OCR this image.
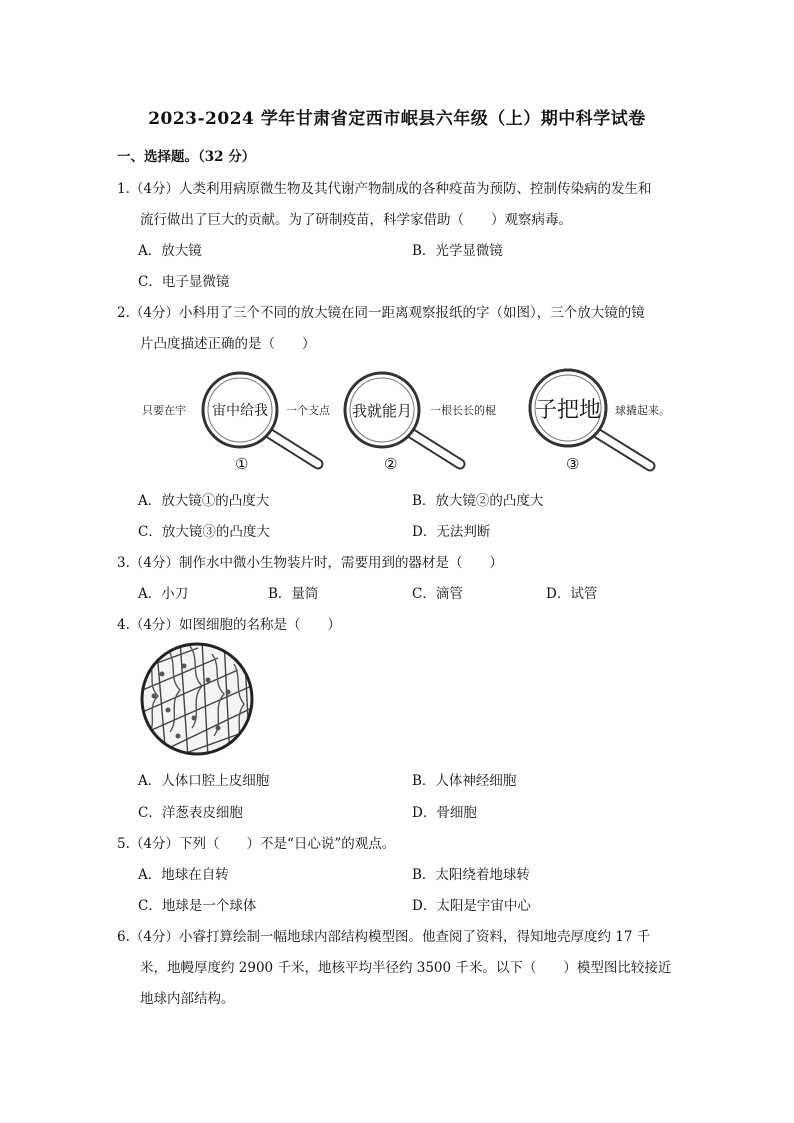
2023-2024 学年甘肃省定西市岷县六年级（上）期中科学试卷
一、选择题。（32 分）
1.（4分）人类利用病原微生物及其代谢产物制成的各种疫苗为预防、控制传染病的发生和
流行做出了巨大的贡献。为了研制疫苗，科学家借助（　　）观察病毒。
A．放大镜	B．光学显微镜
C．电子显微镜
2.（4分）小科用了三个不同的放大镜在同一距离观察报纸的字（如图），三个放大镜的镜
片凸度描述正确的是（　　）
只要在宇	一个支点	一根长长的棍	球撬起来。
宙中给我	我就能月	子把地
①	②	③
A．放大镜①的凸度大	B．放大镜②的凸度大
C．放大镜③的凸度大	D．无法判断
3.（4分）制作水中微小生物装片时，需要用到的器材是（　　）
A．小刀	B．量筒	C．滴管	D．试管
4.（4分）如图细胞的名称是（　　）
A．人体口腔上皮细胞	B．人体神经细胞
C．洋葱表皮细胞	D．骨细胞
5.（4分）下列（　　）不是“日心说”的观点。
A．地球在自转	B．太阳绕着地球转
C．地球是一个球体	D．太阳是宇宙中心
6.（4分）小睿打算绘制一幅地球内部结构模型图。他查阅了资料，得知地壳厚度约 17 千
米，地幔厚度约 2900 千米，地核平均半径约 3500 千米。以下（　　）模型图比较接近
地球内部结构。
